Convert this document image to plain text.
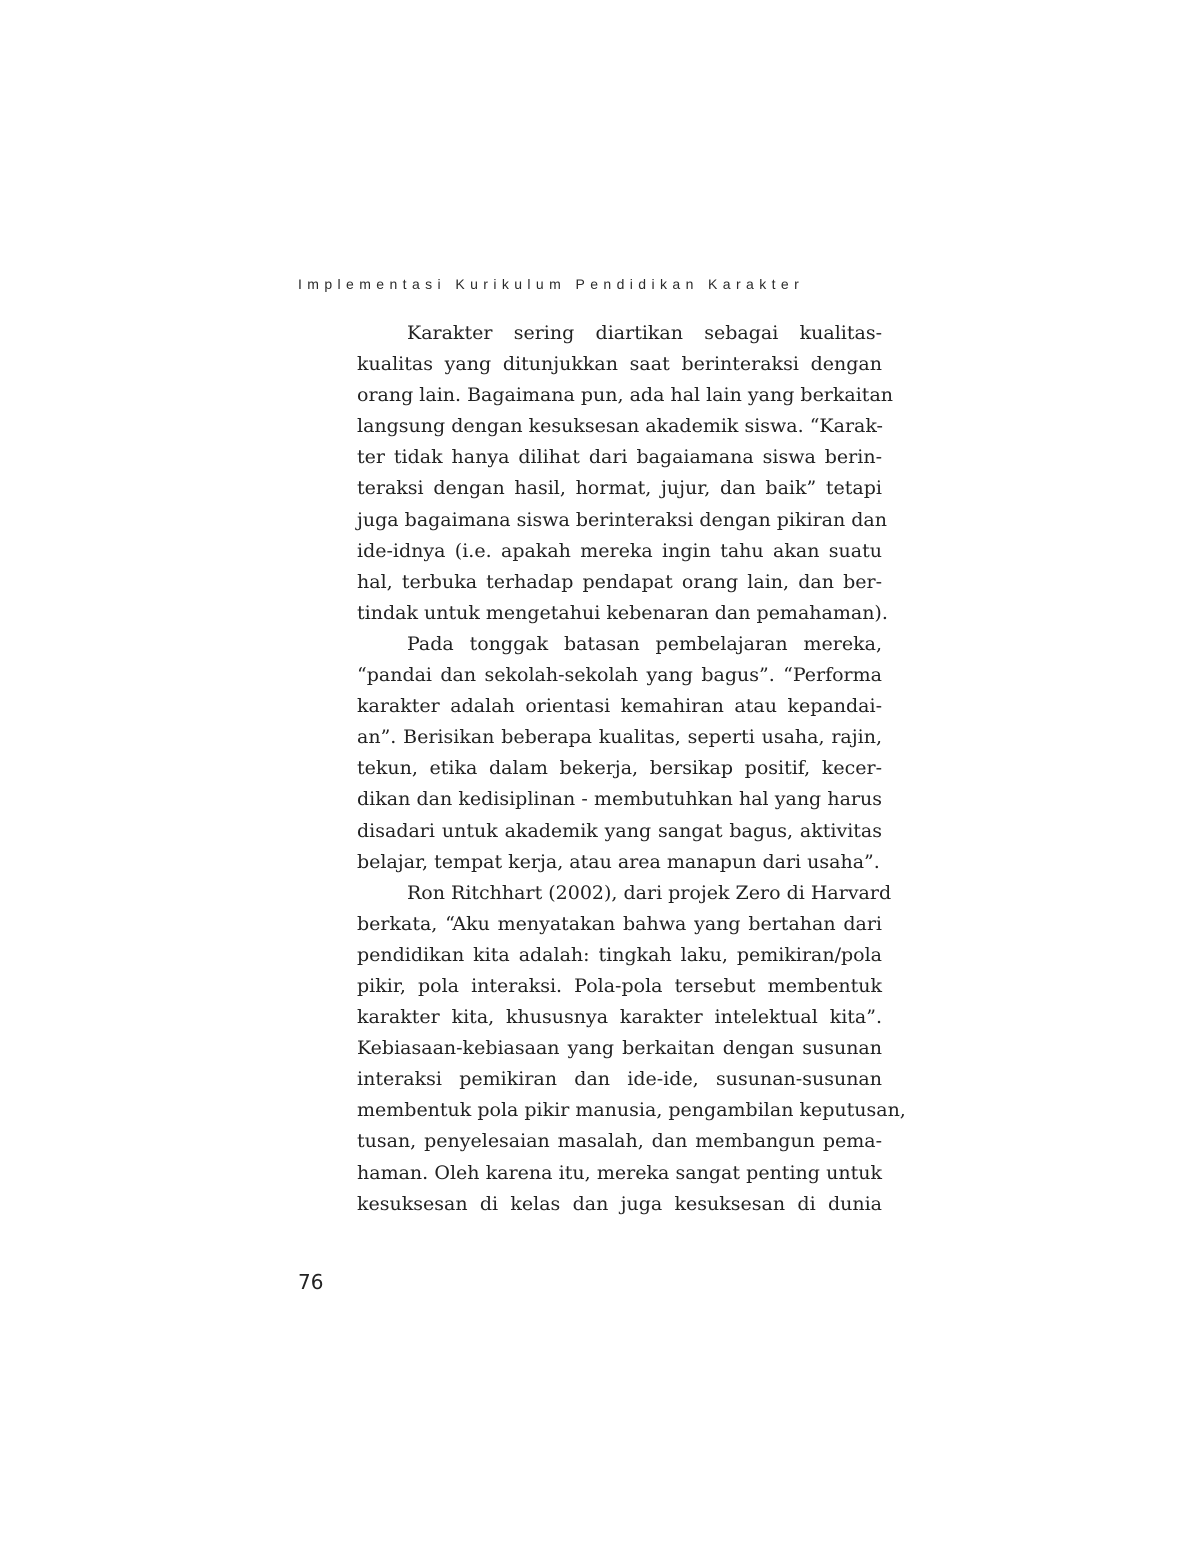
Implementasi Kurikulum Pendidikan Karakter
Karakter sering diartikan sebagai kualitas-
kualitas yang ditunjukkan saat berinteraksi dengan
orang lain. Bagaimana pun, ada hal lain yang berkaitan
langsung dengan kesuksesan akademik siswa. “Karak-
ter tidak hanya dilihat dari bagaiamana siswa berin-
teraksi dengan hasil, hormat, jujur, dan baik” tetapi
juga bagaimana siswa berinteraksi dengan pikiran dan
ide-idnya (i.e. apakah mereka ingin tahu akan suatu
hal, terbuka terhadap pendapat orang lain, dan ber-
tindak untuk mengetahui kebenaran dan pemahaman).
Pada tonggak batasan pembelajaran mereka,
“pandai dan sekolah-sekolah yang bagus”. “Performa
karakter adalah orientasi kemahiran atau kepandai-
an”. Berisikan beberapa kualitas, seperti usaha, rajin,
tekun, etika dalam bekerja, bersikap positif, kecer-
dikan dan kedisiplinan - membutuhkan hal yang harus
disadari untuk akademik yang sangat bagus, aktivitas
belajar, tempat kerja, atau area manapun dari usaha”.
Ron Ritchhart (2002), dari projek Zero di Harvard
berkata, “Aku menyatakan bahwa yang bertahan dari
pendidikan kita adalah: tingkah laku, pemikiran/pola
pikir, pola interaksi. Pola-pola tersebut membentuk
karakter kita, khususnya karakter intelektual kita”.
Kebiasaan-kebiasaan yang berkaitan dengan susunan
interaksi pemikiran dan ide-ide, susunan-susunan
membentuk pola pikir manusia, pengambilan keputusan,
tusan, penyelesaian masalah, dan membangun pema-
haman. Oleh karena itu, mereka sangat penting untuk
kesuksesan di kelas dan juga kesuksesan di dunia
76
